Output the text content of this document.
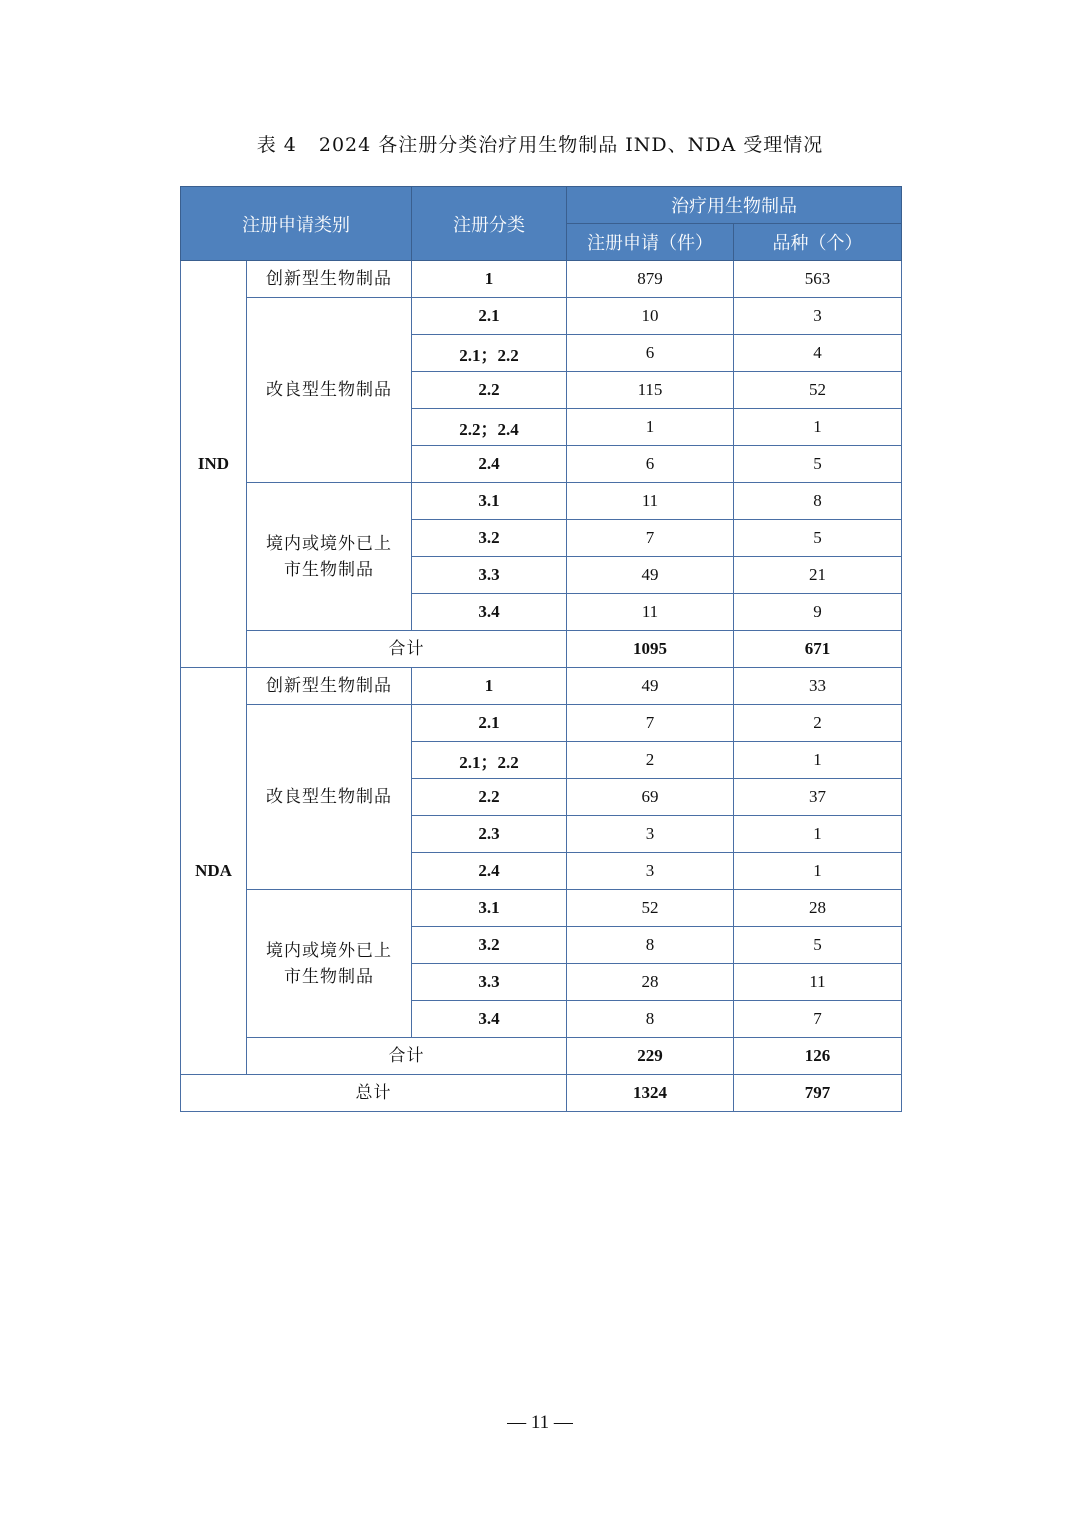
表 4 2024 各注册分类治疗用生物制品 IND、NDA 受理情况
注册申请类别		注册分类	治疗用生物制品	
			注册申请（件）	品种（个）
IND	创新型生物制品	1	879	563
	改良型生物制品	2.1	10	3
		2.1；2.2	6	4
		2.2	115	52
		2.2；2.4	1	1
		2.4	6	5
	境内或境外已上市生物制品	3.1	11	8
		3.2	7	5
		3.3	49	21
		3.4	11	9
	合计		1095	671
NDA	创新型生物制品	1	49	33
	改良型生物制品	2.1	7	2
		2.1；2.2	2	1
		2.2	69	37
		2.3	3	1
		2.4	3	1
	境内或境外已上市生物制品	3.1	52	28
		3.2	8	5
		3.3	28	11
		3.4	8	7
	合计		229	126
总计			1324	797
— 11 —
